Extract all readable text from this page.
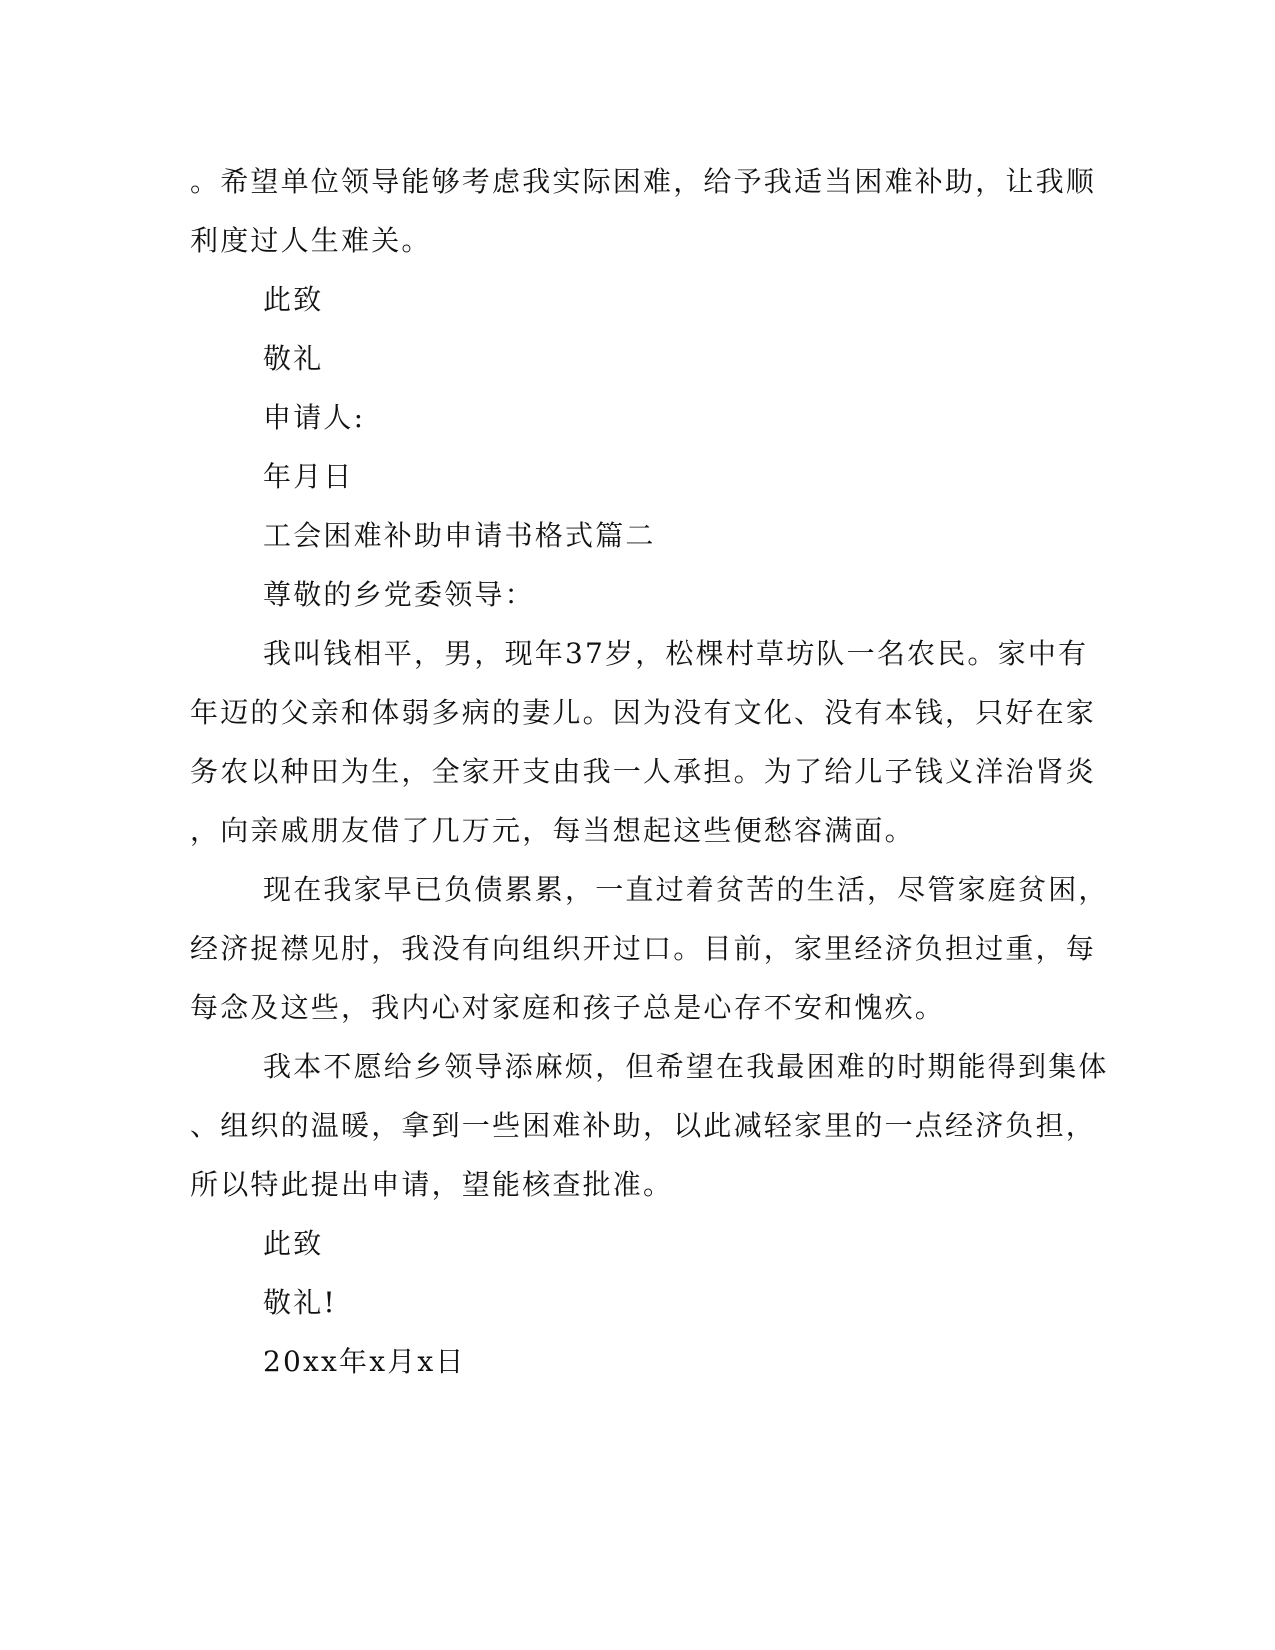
。希望单位领导能够考虑我实际困难，给予我适当困难补助，让我顺
利度过人生难关。
此致
敬礼
申请人:
年月日
工会困难补助申请书格式篇二
尊敬的乡党委领导：
我叫钱相平，男，现年37岁，松棵村草坊队一名农民。家中有
年迈的父亲和体弱多病的妻儿。因为没有文化、没有本钱，只好在家
务农以种田为生，全家开支由我一人承担。为了给儿子钱义洋治肾炎
，向亲戚朋友借了几万元，每当想起这些便愁容满面。
现在我家早已负债累累，一直过着贫苦的生活，尽管家庭贫困，
经济捉襟见肘，我没有向组织开过口。目前，家里经济负担过重，每
每念及这些，我内心对家庭和孩子总是心存不安和愧疚。
我本不愿给乡领导添麻烦，但希望在我最困难的时期能得到集体
、组织的温暖，拿到一些困难补助，以此减轻家里的一点经济负担，
所以特此提出申请，望能核查批准。
此致
敬礼!
20xx年x月x日
